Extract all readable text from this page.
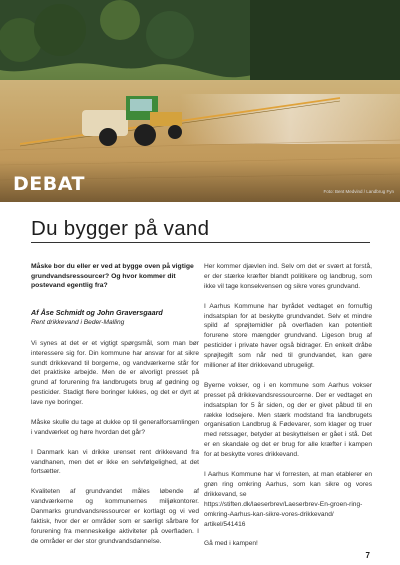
DEBAT	Foto: Bent Medvind / Landbrug Fyn
Du bygger på vand

Måske bor du eller er ved at bygge oven på vigtige grundvandsressourcer? Og hvor kommer dit postevand egentlig fra?

Af Åse Schmidt og John Graversgaard
Rent drikkevand i Beder-Malling

Vi synes at det er et vigtigt spørgsmål, som man bør interessere sig for. Din kommune har ansvar for at sikre sundt drikkevand til borgerne, og vandværkerne står for det praktiske arbejde. Men de er alvorligt presset på grund af forurening fra landbrugets brug af gødning og pesticider. Stadigt flere boringer lukkes, og det er dyrt at lave nye boringer.

Måske skulle du tage at dukke op til generalforsamlingen i vandværket og høre hvordan det går?

I Danmark kan vi drikke urenset rent drikkevand fra vandhanen, men det er ikke en selvfølgelighed, at det fortsætter.

Kvaliteten af grundvandet måles løbende af vandværkerne og kommunernes miljøkontorer. Danmarks grundvandsressourcer er kortlagt og vi ved faktisk, hvor der er områder som er særligt sårbare for forurening fra menneskelige aktiviteter på overfladen. I de områder er der stor grundvandsdannelse.

Her kommer djævlen ind. Selv om det er svært at forstå, er der stærke kræfter blandt politikere og landbrug, som ikke vil tage konsekvensen og sikre vores grundvand.

I Aarhus Kommune har byrådet vedtaget en fornuftig indsatsplan for at beskytte grundvandet. Selv et mindre spild af sprøjtemidler på overfladen kan potentielt forurene store mængder grundvand. Ligeson brug af pesticider i private haver også bidrager. En enkelt dråbe sprøjtegift som når ned til grundvandet, kan gøre millioner af liter drikkevand ubrugeligt.

Byerne vokser, og i en kommune som Aarhus vokser presset på drikkevandsressourcerne. Der er vedtaget en indsatsplan for 5 år siden, og der er givet påbud til en række lodsejere. Men stærk modstand fra landbrugets organisation Landbrug & Fødevarer, som klager og truer med retssager, betyder at beskyttelsen er gået i stå. Det er en skandale og det er brug for alle kræfter i kampen for at beskytte vores drikkevand.

I Aarhus Kommune har vi forresten, at man etablerer en grøn ring omkring Aarhus, som kan sikre og vores drikkevand, se
https://stiften.dk/laeserbrev/Laeserbrev-En-groen-ring-omkring-Aarhus-kan-sikre-vores-drikkevand/
artikel/541416

Gå med i kampen!

7
